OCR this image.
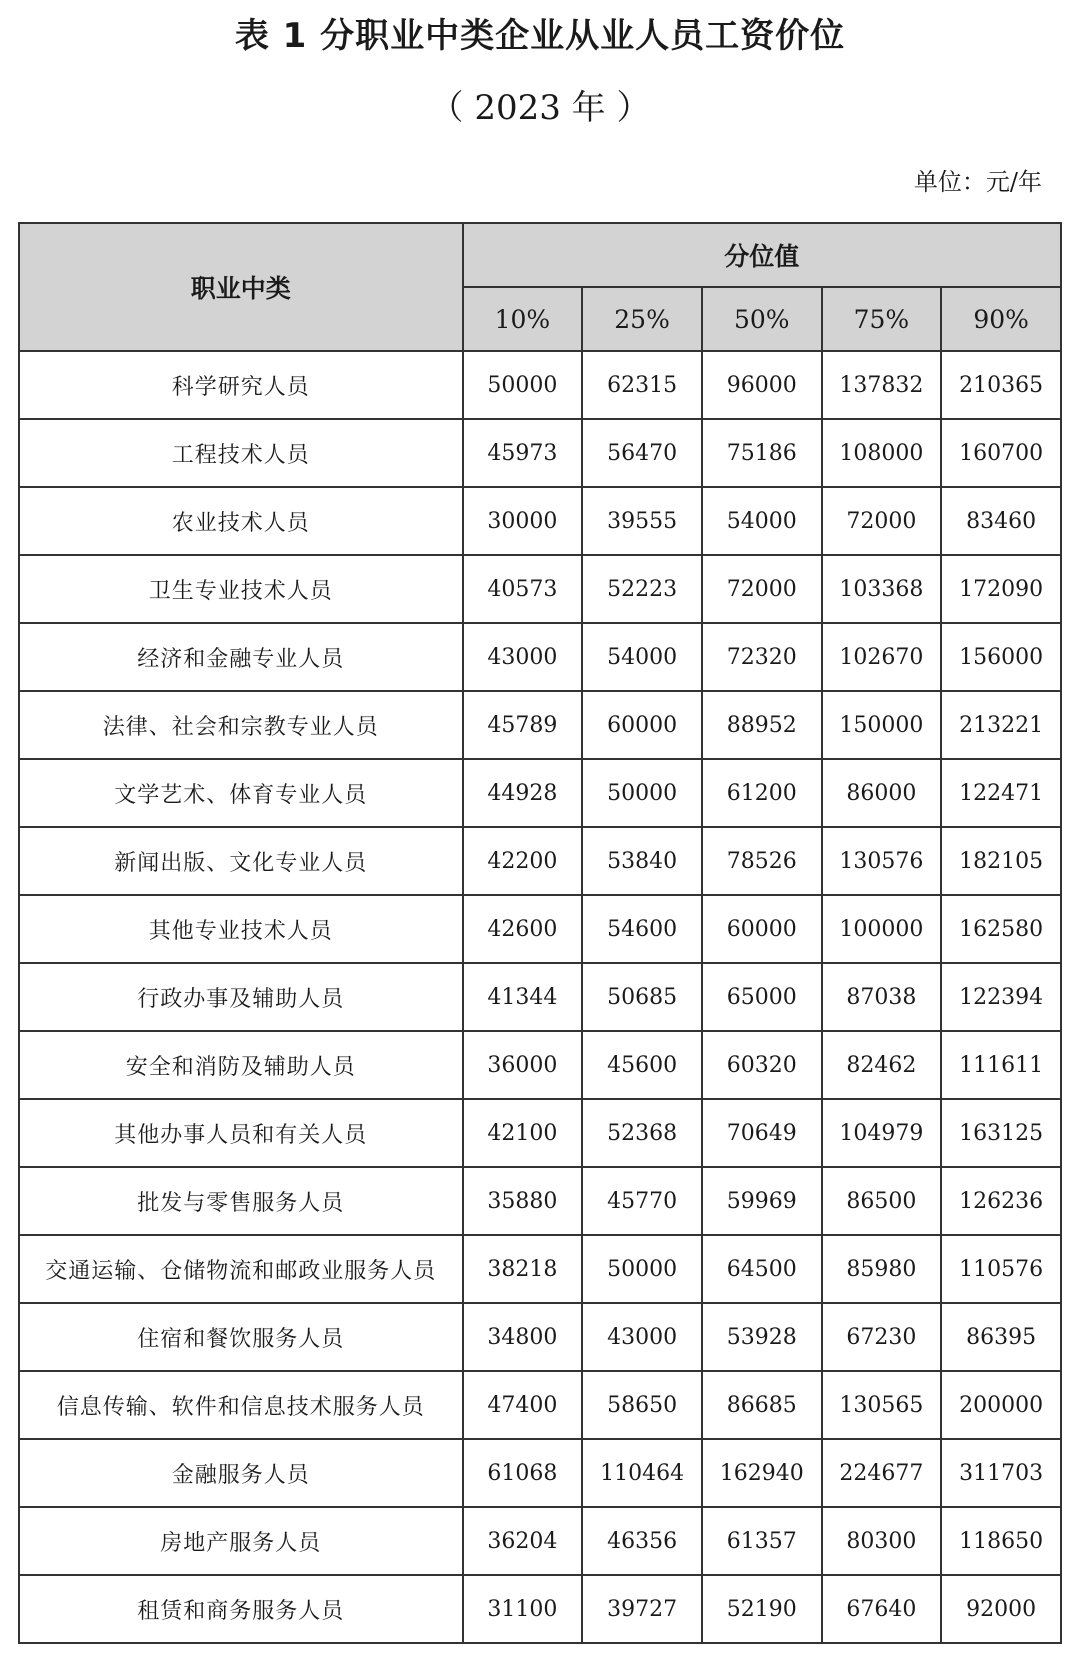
表 1 分职业中类企业从业人员工资价位
（ 2023 年 ）
单位：元/年
职业中类	分位值				
	10%	25%	50%	75%	90%
科学研究人员	50000	62315	96000	137832	210365
工程技术人员	45973	56470	75186	108000	160700
农业技术人员	30000	39555	54000	72000	83460
卫生专业技术人员	40573	52223	72000	103368	172090
经济和金融专业人员	43000	54000	72320	102670	156000
法律、社会和宗教专业人员	45789	60000	88952	150000	213221
文学艺术、体育专业人员	44928	50000	61200	86000	122471
新闻出版、文化专业人员	42200	53840	78526	130576	182105
其他专业技术人员	42600	54600	60000	100000	162580
行政办事及辅助人员	41344	50685	65000	87038	122394
安全和消防及辅助人员	36000	45600	60320	82462	111611
其他办事人员和有关人员	42100	52368	70649	104979	163125
批发与零售服务人员	35880	45770	59969	86500	126236
交通运输、仓储物流和邮政业服务人员	38218	50000	64500	85980	110576
住宿和餐饮服务人员	34800	43000	53928	67230	86395
信息传输、软件和信息技术服务人员	47400	58650	86685	130565	200000
金融服务人员	61068	110464	162940	224677	311703
房地产服务人员	36204	46356	61357	80300	118650
租赁和商务服务人员	31100	39727	52190	67640	92000
